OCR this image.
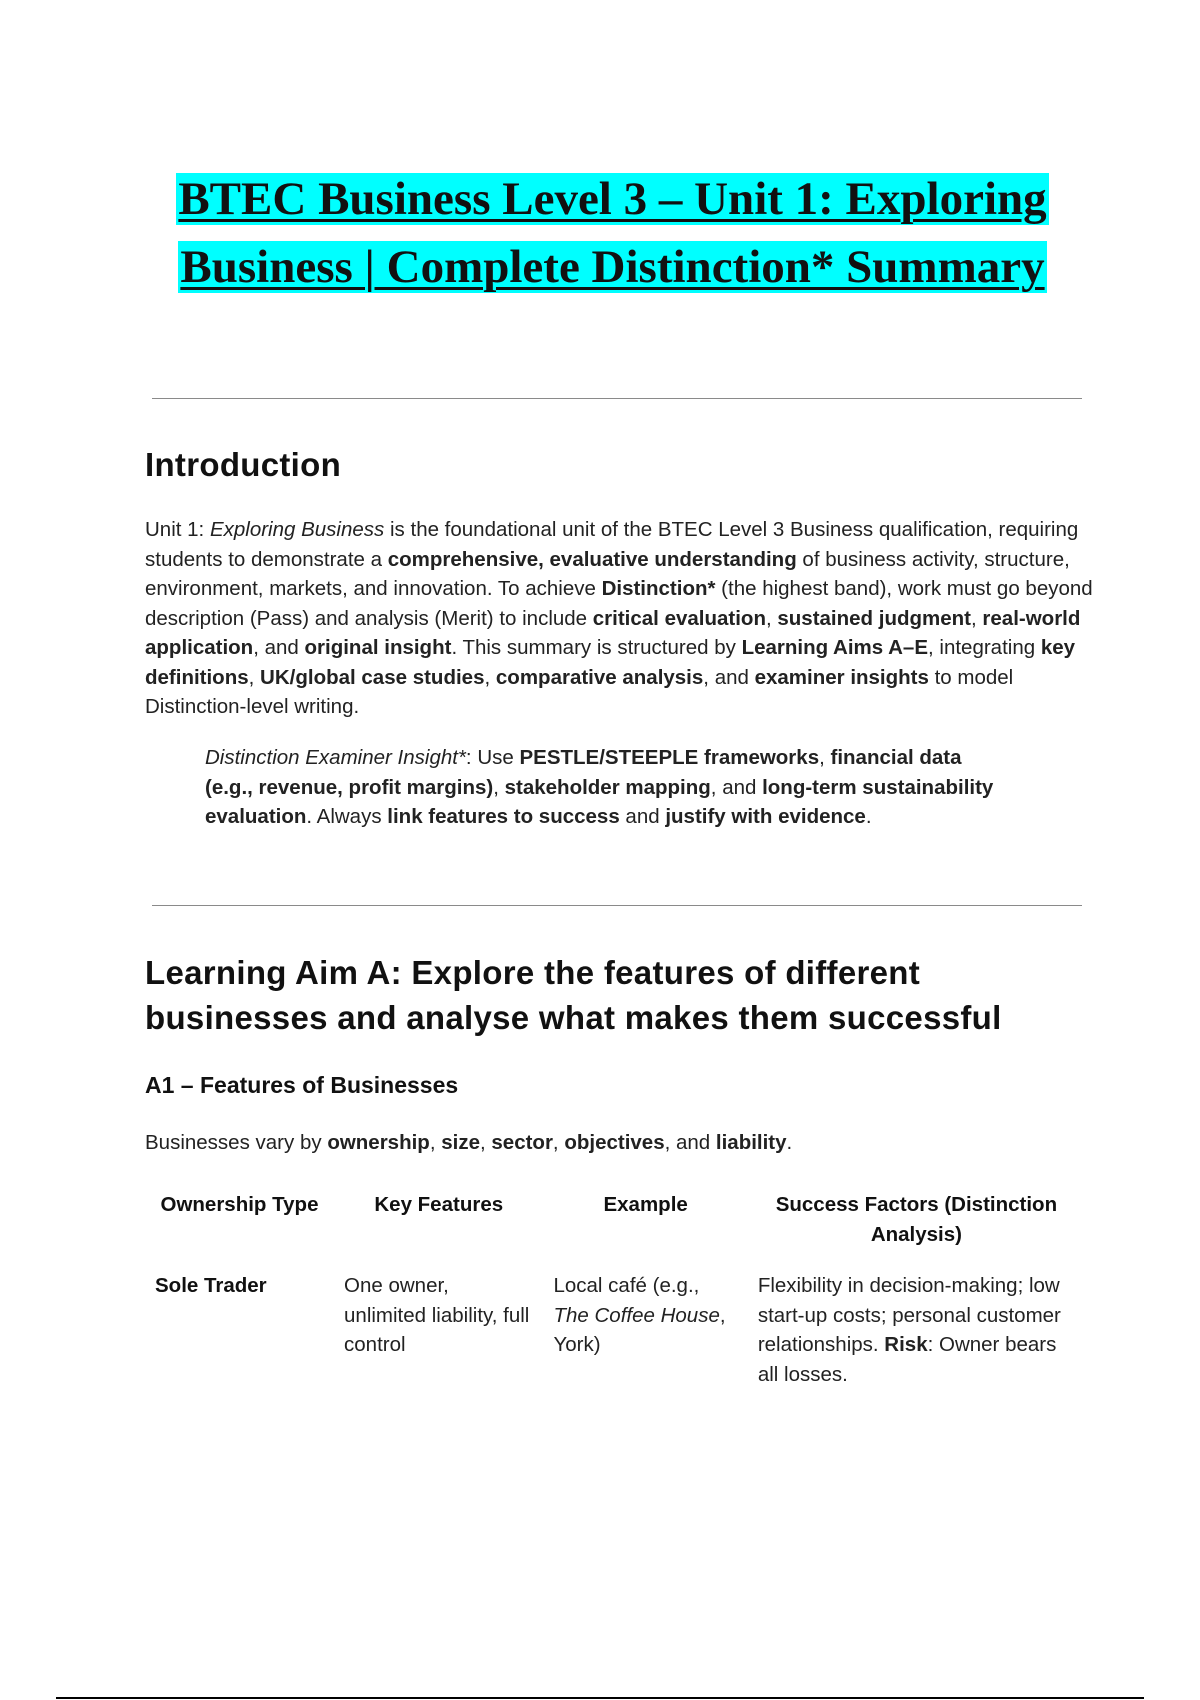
BTEC Business Level 3 – Unit 1: Exploring
Business | Complete Distinction* Summary
Introduction

Unit 1: Exploring Business is the foundational unit of the BTEC Level 3 Business qualification, requiring students to demonstrate a comprehensive, evaluative understanding of business activity, structure, environment, markets, and innovation. To achieve Distinction* (the highest band), work must go beyond description (Pass) and analysis (Merit) to include critical evaluation, sustained judgment, real-world application, and original insight. This summary is structured by Learning Aims A–E, integrating key definitions, UK/global case studies, comparative analysis, and examiner insights to model Distinction-level writing.

Distinction Examiner Insight*: Use PESTLE/STEEPLE frameworks, financial data (e.g., revenue, profit margins), stakeholder mapping, and long-term sustainability evaluation. Always link features to success and justify with evidence.

Learning Aim A: Explore the features of different businesses and analyse what makes them successful
A1 – Features of Businesses

Businesses vary by ownership, size, sector, objectives, and liability.

Ownership Type	Key Features	Example	Success Factors (Distinction Analysis)
Sole Trader	One owner, unlimited liability, full control	Local café (e.g., The Coffee House, York)	Flexibility in decision-making; low start-up costs; personal customer relationships. Risk: Owner bears all losses.
